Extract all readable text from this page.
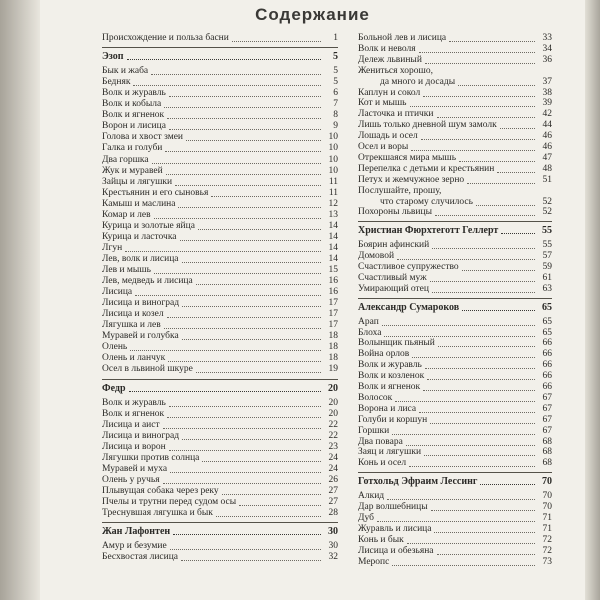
Содержание
Происхождение и польза басни	1
Эзоп	5
Бык и жаба	5
Бедняк	5
Волк и журавль	6
Волк и кобыла	7
Волк и ягненок	8
Ворон и лисица	9
Голова и хвост змеи	10
Галка и голуби	10
Два горшка	10
Жук и муравей	10
Зайцы и лягушки	11
Крестьянин и его сыновья	11
Камыш и маслина	12
Комар и лев	13
Курица и золотые яйца	14
Курица и ласточка	14
Лгун	14
Лев, волк и лисица	14
Лев и мышь	15
Лев, медведь и лисица	16
Лисица	16
Лисица и виноград	17
Лисица и козел	17
Лягушка и лев	17
Муравей и голубка	18
Олень	18
Олень и ланчук	18
Осел в львиной шкуре	19
Федр	20
Волк и журавль	20
Волк и ягненок	20
Лисица и аист	22
Лисица и виноград	22
Лисица и ворон	23
Лягушки против солнца	24
Муравей и муха	24
Олень у ручья	26
Плывущая собака через реку	27
Пчелы и трутни перед судом осы	27
Треснувшая лягушка и бык	28
Жан Лафонтен	30
Амур и безумие	30
Бесхвостая лисица	32
Больной лев и лисица	33
Волк и неволя	34
Дележ львиный	36
Жениться хорошо,
да много и досады	37
Каплун и сокол	38
Кот и мышь	39
Ласточка и птички	42
Лишь только дневной шум замолк	44
Лошадь и осел	46
Осел и воры	46
Отрекшаяся мира мышь	47
Перепелка с детьми и крестьянин	48
Петух и жемчужное зерно	51
Послушайте, прошу,
что старому случилось	52
Похороны львицы	52
Христиан Фюрхтеготт Геллерт	55
Боярин афинский	55
Домовой	57
Счастливое супружество	59
Счастливый муж	61
Умирающий отец	63
Александр Сумароков	65
Арап	65
Блоха	65
Волынщик пьяный	66
Война орлов	66
Волк и журавль	66
Волк и козленок	66
Волк и ягненок	66
Волосок	67
Ворона и лиса	67
Голуби и коршун	67
Горшки	67
Два повара	68
Заяц и лягушки	68
Конь и осел	68
Готхольд Эфраим Лессинг	70
Алкид	70
Дар волшебницы	70
Дуб	71
Журавль и лисица	71
Конь и бык	72
Лисица и обезьяна	72
Меропс	73
